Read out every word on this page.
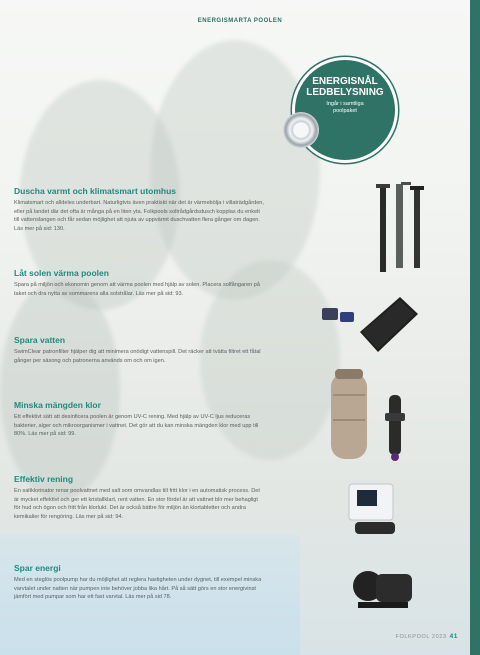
ENERGISMARTA POOLEN
ENERGISNÅL
LEDBELYSNING
Ingår i samtliga
poolpaket
Duscha varmt och klimatsmart utomhus

Klimatsmart och alldeles underbart. Naturligtvis även praktiskt när det är värmebölja i villaträdgården, eller på landet där det ofta är många på en liten yta. Folkpools soltrådgårdsdusch kopplas du enkelt till vattenslangen och får sedan möjlighet att njuta av uppvärmt duschvatten flera gånger om dagen. Läs mer på sid: 130.

Låt solen värma poolen

Spara på miljön och ekonomin genom att värma poolen med hjälp av solen. Placera solfångaren på taket och dra nytta av sommarens alla solstrålar. Läs mer på sid: 93.

Spara vatten

SwimClear patronfilter hjälper dig att minimera onödigt vattenspill. Det räcker att tvätta filtret ett fåtal gånger per säsong och patronerna används om och om igen.

Minska mängden klor

Ett effektivt sätt att desinficera poolen är genom UV-C rening. Med hjälp av UV-C ljus reduceras bakterier, alger och mikroorganismer i vattnet. Det gör att du kan minska mängden klor med upp till 80%. Läs mer på sid: 99.

Effektiv rening

En saltklorinator renar poolvattnet med salt som omvandlas till fritt klor i en automatisk process. Det är mycket effektivt och ger ett kristallklart, rent vatten. En stor fördel är att vattnet blir mer behagligt för hud och ögon och fritt från klorlukt. Det är också bättre för miljön än klortabletter och andra kemikalier för rengöring. Läs mer på sid: 94.

Spar energi

Med en steglös poolpump har du möjlighet att reglera hastigheten under dygnet, till exempel minska varvtalet under natten när pumpen inte behöver jobba lika hårt. På så sätt görs en stor energivinst jämfört med pumpar som har ett fast varvtal. Läs mer på sid 78.

FOLKPOOL 2023 41
